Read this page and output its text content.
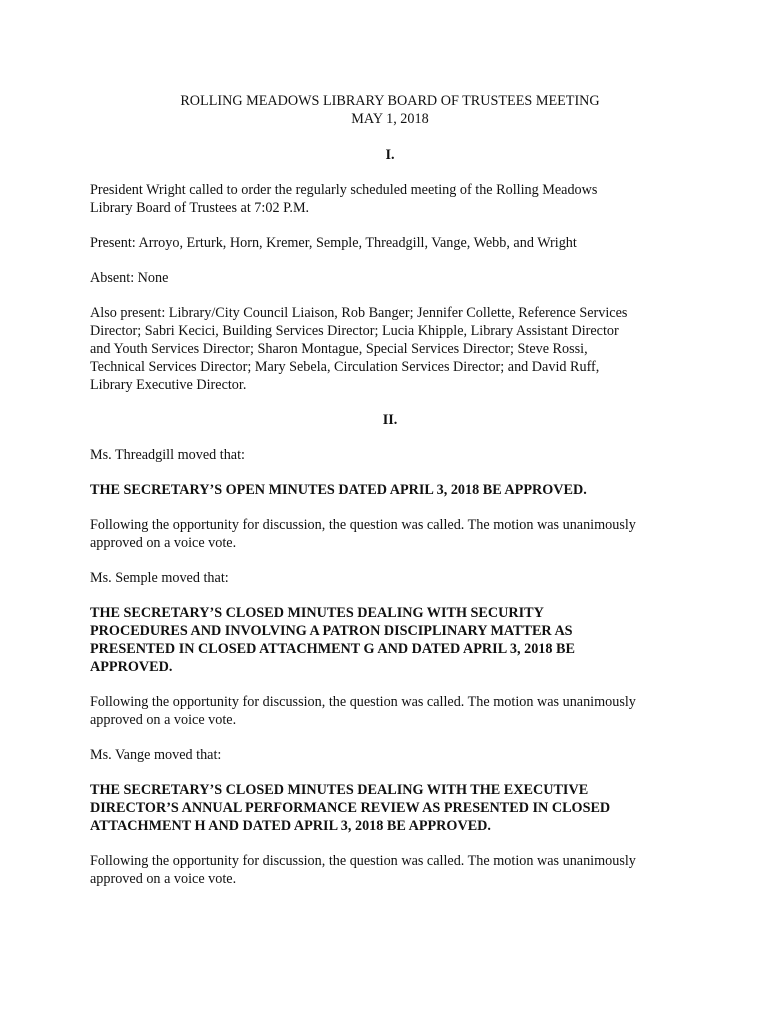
ROLLING MEADOWS LIBRARY BOARD OF TRUSTEES MEETING

MAY 1, 2018

I.

President Wright called to order the regularly scheduled meeting of the Rolling Meadows

Library Board of Trustees at 7:02 P.M.

Present: Arroyo, Erturk, Horn, Kremer, Semple, Threadgill, Vange, Webb, and Wright

Absent: None

Also present: Library/City Council Liaison, Rob Banger; Jennifer Collette, Reference Services

Director; Sabri Kecici, Building Services Director; Lucia Khipple, Library Assistant Director

and Youth Services Director; Sharon Montague, Special Services Director; Steve Rossi,

Technical Services Director; Mary Sebela, Circulation Services Director; and David Ruff,

Library Executive Director.

II.

Ms. Threadgill moved that:

THE SECRETARY’S OPEN MINUTES DATED APRIL 3, 2018 BE APPROVED.

Following the opportunity for discussion, the question was called. The motion was unanimously

approved on a voice vote.

Ms. Semple moved that:

THE SECRETARY’S CLOSED MINUTES DEALING WITH SECURITY

PROCEDURES AND INVOLVING A PATRON DISCIPLINARY MATTER AS

PRESENTED IN CLOSED ATTACHMENT G AND DATED APRIL 3, 2018 BE

APPROVED.

Following the opportunity for discussion, the question was called. The motion was unanimously

approved on a voice vote.

Ms. Vange moved that:

THE SECRETARY’S CLOSED MINUTES DEALING WITH THE EXECUTIVE

DIRECTOR’S ANNUAL PERFORMANCE REVIEW AS PRESENTED IN CLOSED

ATTACHMENT H AND DATED APRIL 3, 2018 BE APPROVED.

Following the opportunity for discussion, the question was called. The motion was unanimously

approved on a voice vote.
